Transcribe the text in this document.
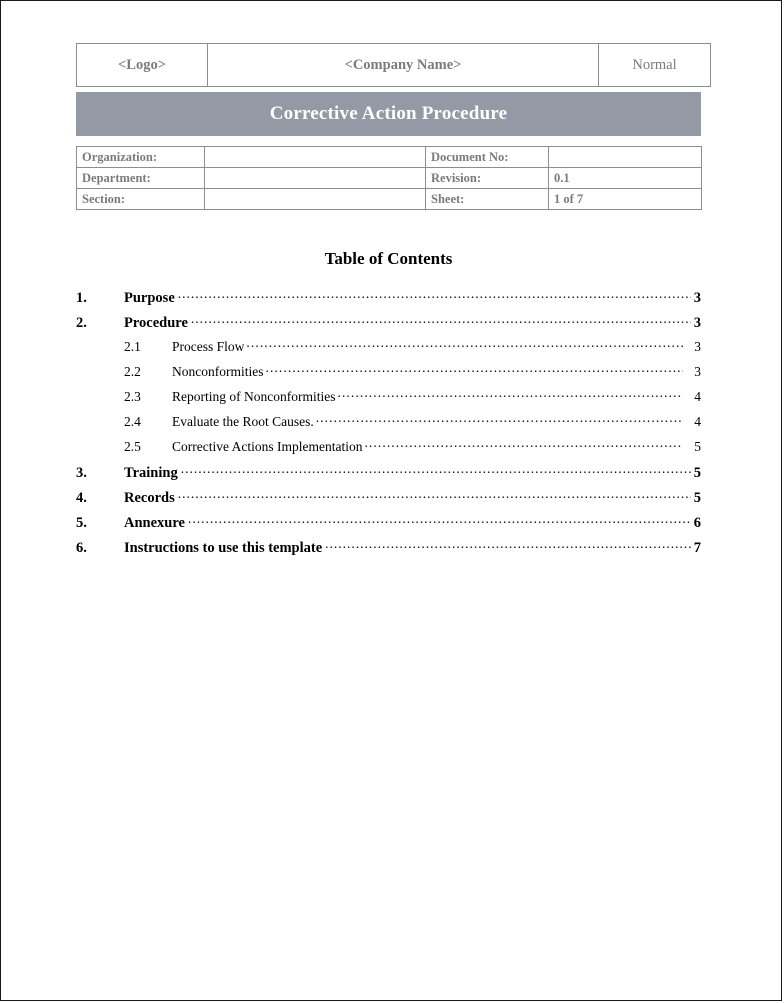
<Logo>	<Company Name>	Normal
Corrective Action Procedure
Organization:		Document No:	
Department:		Revision:	0.1
Section:		Sheet:	1 of 7
Table of Contents
1.	Purpose .....	3
2.	Procedure .....	3
2.1	Process Flow .....	3
2.2	Nonconformities .....	3
2.3	Reporting of Nonconformities .....	4
2.4	Evaluate the Root Causes. .....	4
2.5	Corrective Actions Implementation .....	5
3.	Training .....	5
4.	Records .....	5
5.	Annexure .....	6
6.	Instructions to use this template .....	7
